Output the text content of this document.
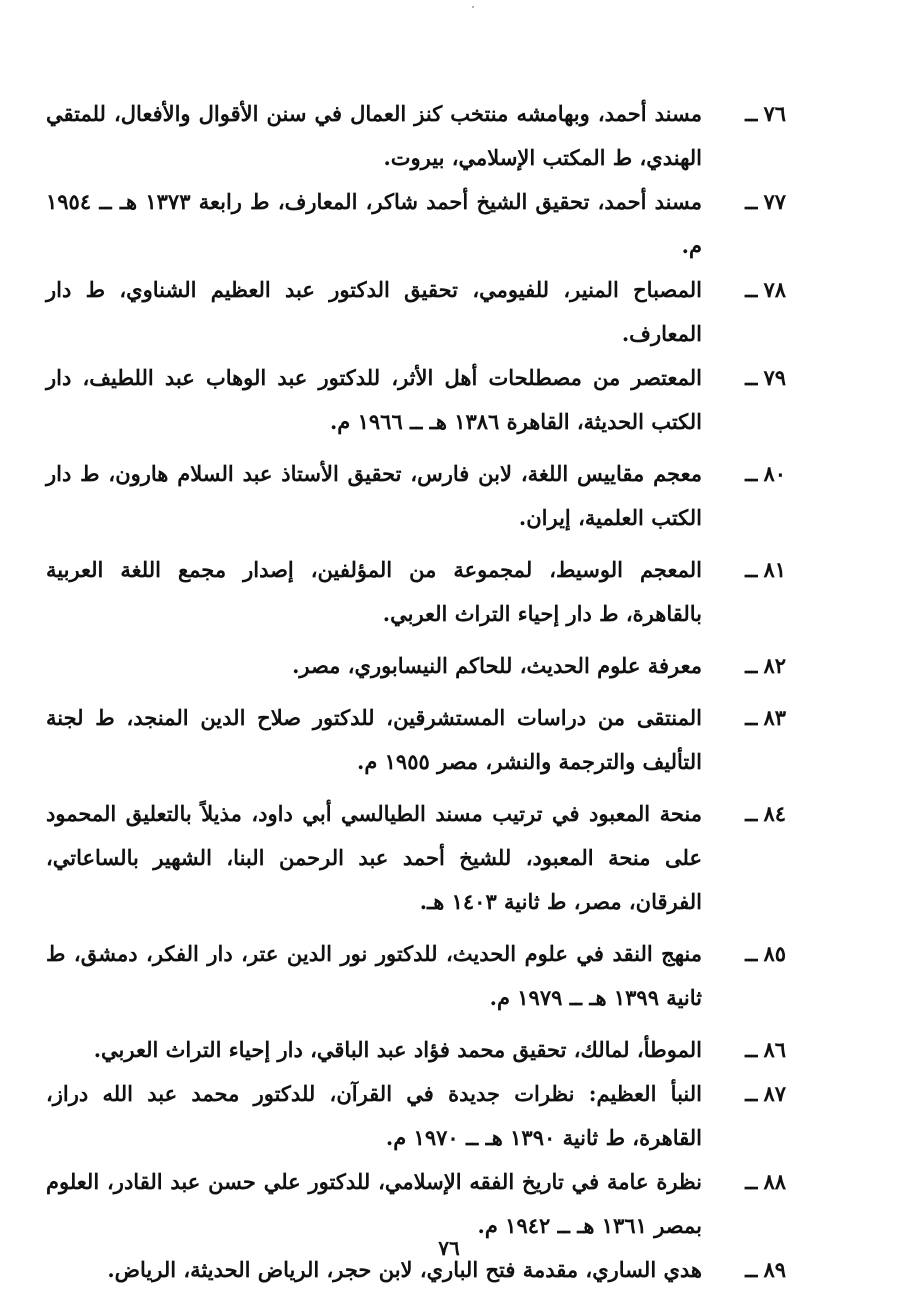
٧٦ــ
مسند أحمد، وبهامشه منتخب كنز العمال في سنن الأقوال والأفعال، للمتقي الهندي، ط المكتب الإسلامي، بيروت.
٧٧ــ
مسند أحمد، تحقيق الشيخ أحمد شاكر، المعارف، ط رابعة ١٣٧٣ هـ ــ ١٩٥٤ م.
٧٨ــ
المصباح المنير، للفيومي، تحقيق الدكتور عبد العظيم الشناوي، ط دار المعارف.
٧٩ــ
المعتصر من مصطلحات أهل الأثر، للدكتور عبد الوهاب عبد اللطيف، دار الكتب الحديثة، القاهرة ١٣٨٦ هـ ــ ١٩٦٦ م.
٨٠ــ
معجم مقاييس اللغة، لابن فارس، تحقيق الأستاذ عبد السلام هارون، ط دار الكتب العلمية، إيران.
٨١ــ
المعجم الوسيط، لمجموعة من المؤلفين، إصدار مجمع اللغة العربية بالقاهرة، ط دار إحياء التراث العربي.
٨٢ــ
معرفة علوم الحديث، للحاكم النيسابوري، مصر.
٨٣ــ
المنتقى من دراسات المستشرقين، للدكتور صلاح الدين المنجد، ط لجنة التأليف والترجمة والنشر، مصر ١٩٥٥ م.
٨٤ــ
منحة المعبود في ترتيب مسند الطيالسي أبي داود، مذيلاً بالتعليق المحمود على منحة المعبود، للشيخ أحمد عبد الرحمن البنا، الشهير بالساعاتي، الفرقان، مصر، ط ثانية ١٤٠٣ هـ.
٨٥ــ
منهج النقد في علوم الحديث، للدكتور نور الدين عتر، دار الفكر، دمشق، ط ثانية ١٣٩٩ هـ ــ ١٩٧٩ م.
٨٦ــ
الموطأ، لمالك، تحقيق محمد فؤاد عبد الباقي، دار إحياء التراث العربي.
٨٧ــ
النبأ العظيم: نظرات جديدة في القرآن، للدكتور محمد عبد الله دراز، القاهرة، ط ثانية ١٣٩٠ هـ ــ ١٩٧٠ م.
٨٨ــ
نظرة عامة في تاريخ الفقه الإسلامي، للدكتور علي حسن عبد القادر، العلوم بمصر ١٣٦١ هـ ــ ١٩٤٢ م.
٨٩ــ
هدي الساري، مقدمة فتح الباري، لابن حجر، الرياض الحديثة، الرياض.
٧٦
